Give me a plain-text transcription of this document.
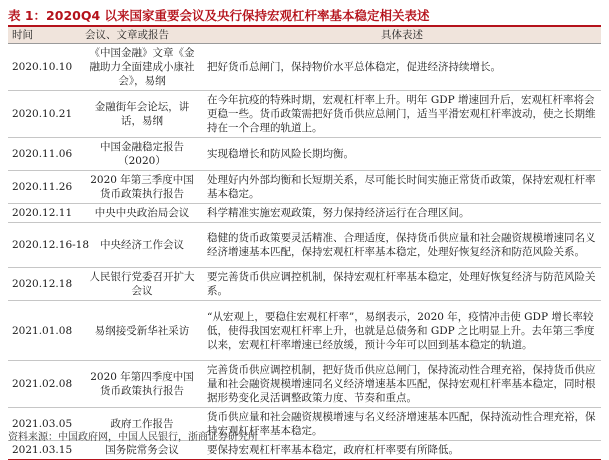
表 1：2020Q4 以来国家重要会议及央行保持宏观杠杆率基本稳定相关表述
时间	会议、文章或报告	具体表述
2020.10.10	《中国金融》文章《金融助力全面建成小康社会》，易纲	把好货币总闸门，保持物价水平总体稳定，促进经济持续增长。
2020.10.21	金融街年会论坛，讲话，易纲	在今年抗疫的特殊时期，宏观杠杆率上升。明年 GDP 增速回升后，宏观杠杆率将会更稳一些。货币政策需把好货币供应总闸门，适当平滑宏观杠杆率波动，使之长期维持在一个合理的轨道上。
2020.11.06	中国金融稳定报告（2020）	实现稳增长和防风险长期均衡。
2020.11.26	2020 年第三季度中国货币政策执行报告	处理好内外部均衡和长短期关系，尽可能长时间实施正常货币政策，保持宏观杠杆率基本稳定。
2020.12.11	中央中央政治局会议	科学精准实施宏观政策，努力保持经济运行在合理区间。
2020.12.16-18	中央经济工作会议	稳健的货币政策要灵活精准、合理适度，保持货币供应量和社会融资规模增速同名义经济增速基本匹配，保持宏观杠杆率基本稳定，处理好恢复经济和防范风险关系。
2020.12.18	人民银行党委召开扩大会议	要完善货币供应调控机制，保持宏观杠杆率基本稳定，处理好恢复经济与防范风险关系。
2021.01.08	易纲接受新华社采访	“从宏观上，要稳住宏观杠杆率”，易纲表示，2020 年，疫情冲击使 GDP 增长率较低，使得我国宏观杠杆率上升，也就是总债务和 GDP 之比明显上升。去年第三季度以来，宏观杠杆率增速已经放缓，预计今年可以回到基本稳定的轨道。
2021.02.08	2020 年第四季度中国货币政策执行报告	完善货币供应调控机制，把好货币供应总闸门，保持流动性合理充裕，保持货币供应量和社会融资规模增速同名义经济增速基本匹配，保持宏观杠杆率基本稳定，同时根据形势变化灵活调整政策力度、节奏和重点。
2021.03.05	政府工作报告	货币供应量和社会融资规模增速与名义经济增速基本匹配，保持流动性合理充裕，保持宏观杠杆率基本稳定。
2021.03.15	国务院常务会议	要保持宏观杠杆率基本稳定，政府杠杆率要有所降低。
资料来源：中国政府网，中国人民银行，浙商证券研究所
